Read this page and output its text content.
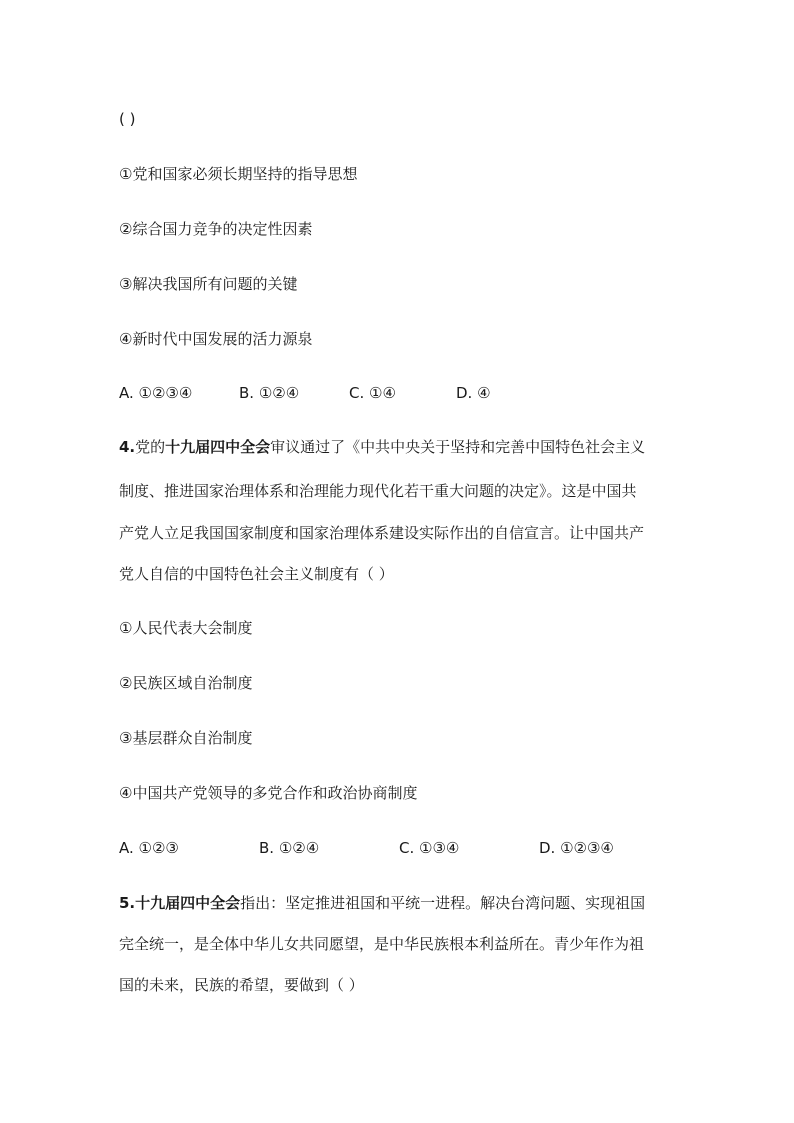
( )
①党和国家必须长期坚持的指导思想
②综合国力竞争的决定性因素
③解决我国所有问题的关键
④新时代中国发展的活力源泉
A. ①②③④	B. ①②④	C. ①④	D. ④
4.党的十九届四中全会审议通过了《中共中央关于坚持和完善中国特色社会主义
制度、推进国家治理体系和治理能力现代化若干重大问题的决定》。这是中国共
产党人立足我国国家制度和国家治理体系建设实际作出的自信宣言。让中国共产
党人自信的中国特色社会主义制度有（ ）
①人民代表大会制度
②民族区域自治制度
③基层群众自治制度
④中国共产党领导的多党合作和政治协商制度
A. ①②③	B. ①②④	C. ①③④	D. ①②③④
5.十九届四中全会指出：坚定推进祖国和平统一进程。解决台湾问题、实现祖国
完全统一，是全体中华儿女共同愿望，是中华民族根本利益所在。青少年作为祖
国的未来，民族的希望，要做到（ ）
